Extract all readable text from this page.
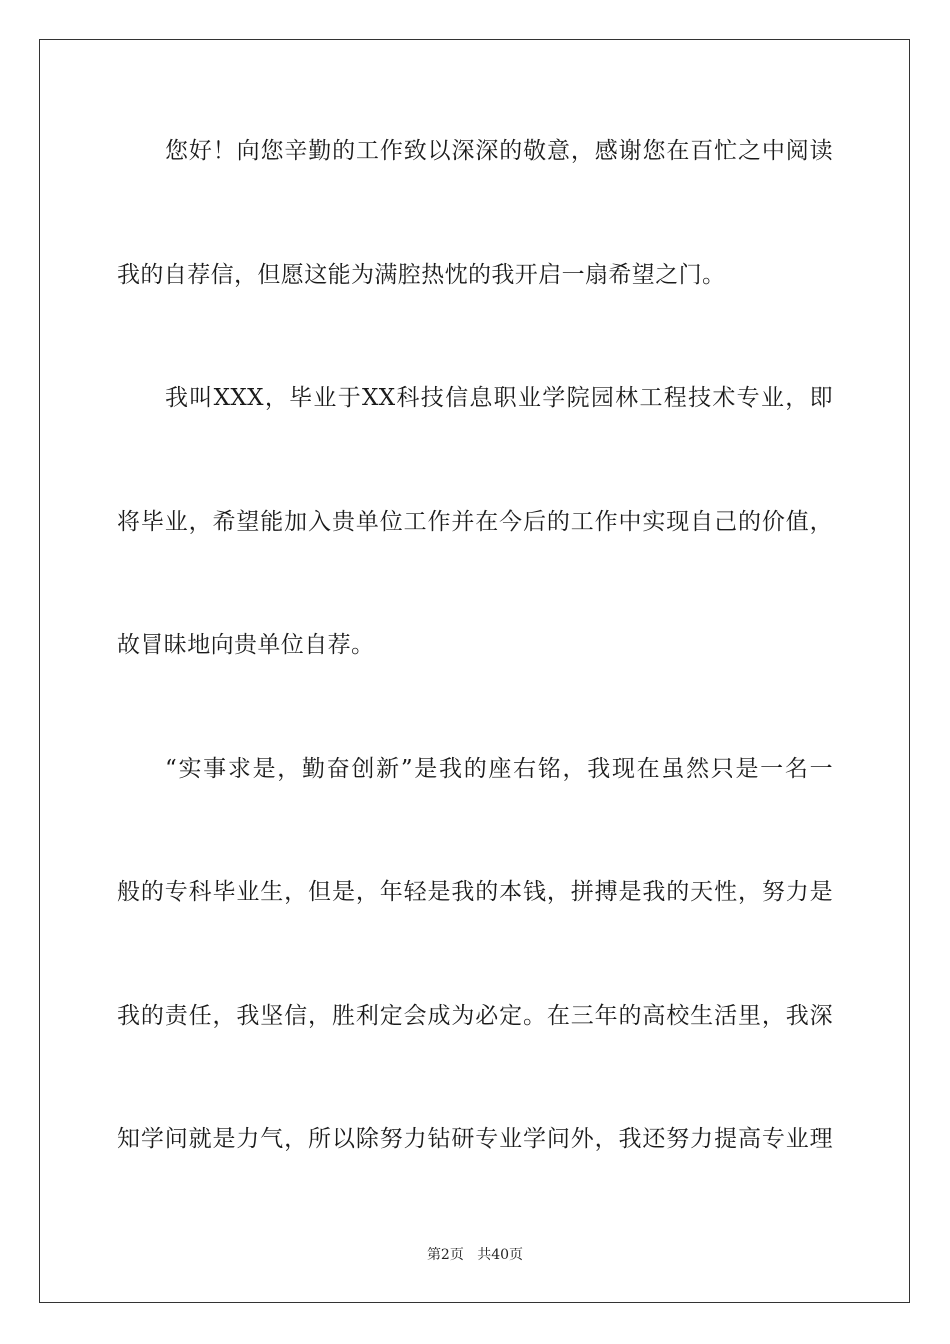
您好！向您辛勤的工作致以深深的敬意，感谢您在百忙之中阅读
我的自荐信，但愿这能为满腔热忱的我开启一扇希望之门。
我叫XXX，毕业于XX科技信息职业学院园林工程技术专业，即
将毕业，希望能加入贵单位工作并在今后的工作中实现自己的价值，
故冒昧地向贵单位自荐。
“实事求是，勤奋创新”是我的座右铭，我现在虽然只是一名一
般的专科毕业生，但是，年轻是我的本钱，拼搏是我的天性，努力是
我的责任，我坚信，胜利定会成为必定。在三年的高校生活里，我深
知学问就是力气，所以除努力钻研专业学问外，我还努力提高专业理
第2页 共40页
